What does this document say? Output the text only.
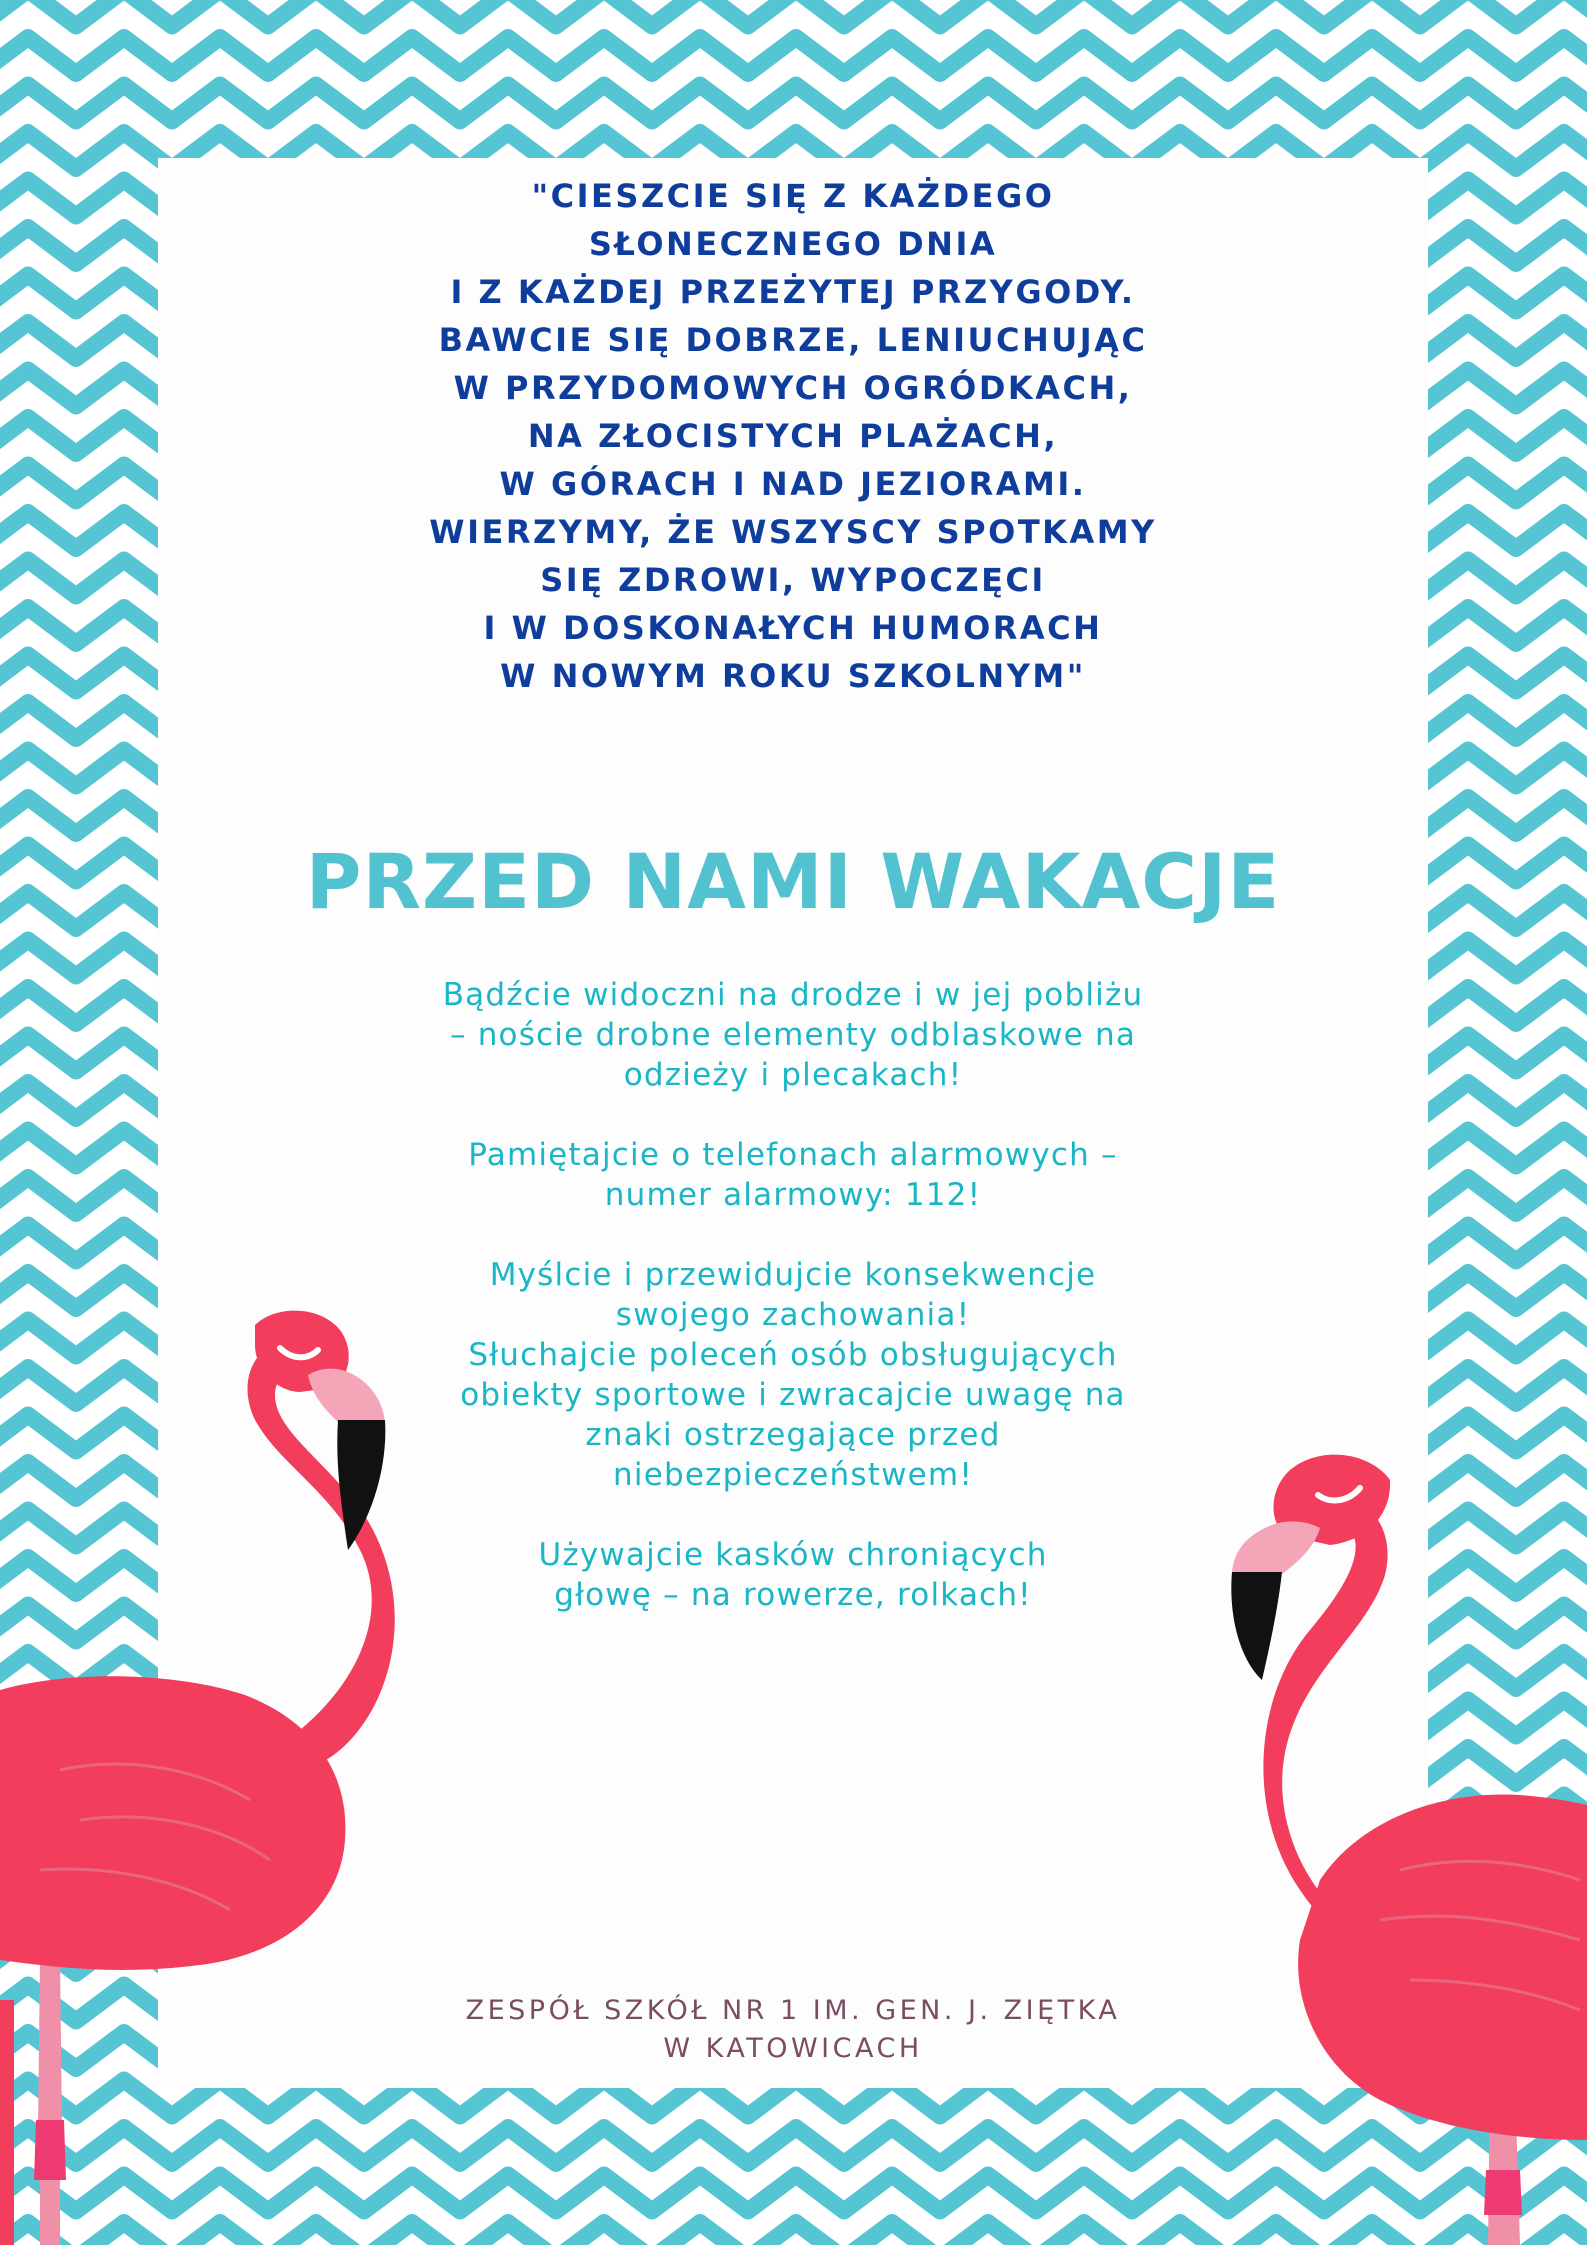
"CIESZCIE SIĘ Z KAŻDEGO
SŁONECZNEGO DNIA
I Z KAŻDEJ PRZEŻYTEJ PRZYGODY.
BAWCIE SIĘ DOBRZE, LENIUCHUJĄC
W PRZYDOMOWYCH OGRÓDKACH,
NA ZŁOCISTYCH PLAŻACH,
W GÓRACH I NAD JEZIORAMI.
WIERZYMY, ŻE WSZYSCY SPOTKAMY
SIĘ ZDROWI, WYPOCZĘCI
I W DOSKONAŁYCH HUMORACH
W NOWYM ROKU SZKOLNYM"
PRZED NAMI WAKACJE
Bądźcie widoczni na drodze i w jej pobliżu
– noście drobne elementy odblaskowe na
odzieży i plecakach!
Pamiętajcie o telefonach alarmowych –
numer alarmowy: 112!
Myślcie i przewidujcie konsekwencje
swojego zachowania!
Słuchajcie poleceń osób obsługujących
obiekty sportowe i zwracajcie uwagę na
znaki ostrzegające przed
niebezpieczeństwem!
Używajcie kasków chroniących
głowę – na rowerze, rolkach!
ZESPÓŁ SZKÓŁ NR 1 IM. GEN. J. ZIĘTKA
W KATOWICACH
